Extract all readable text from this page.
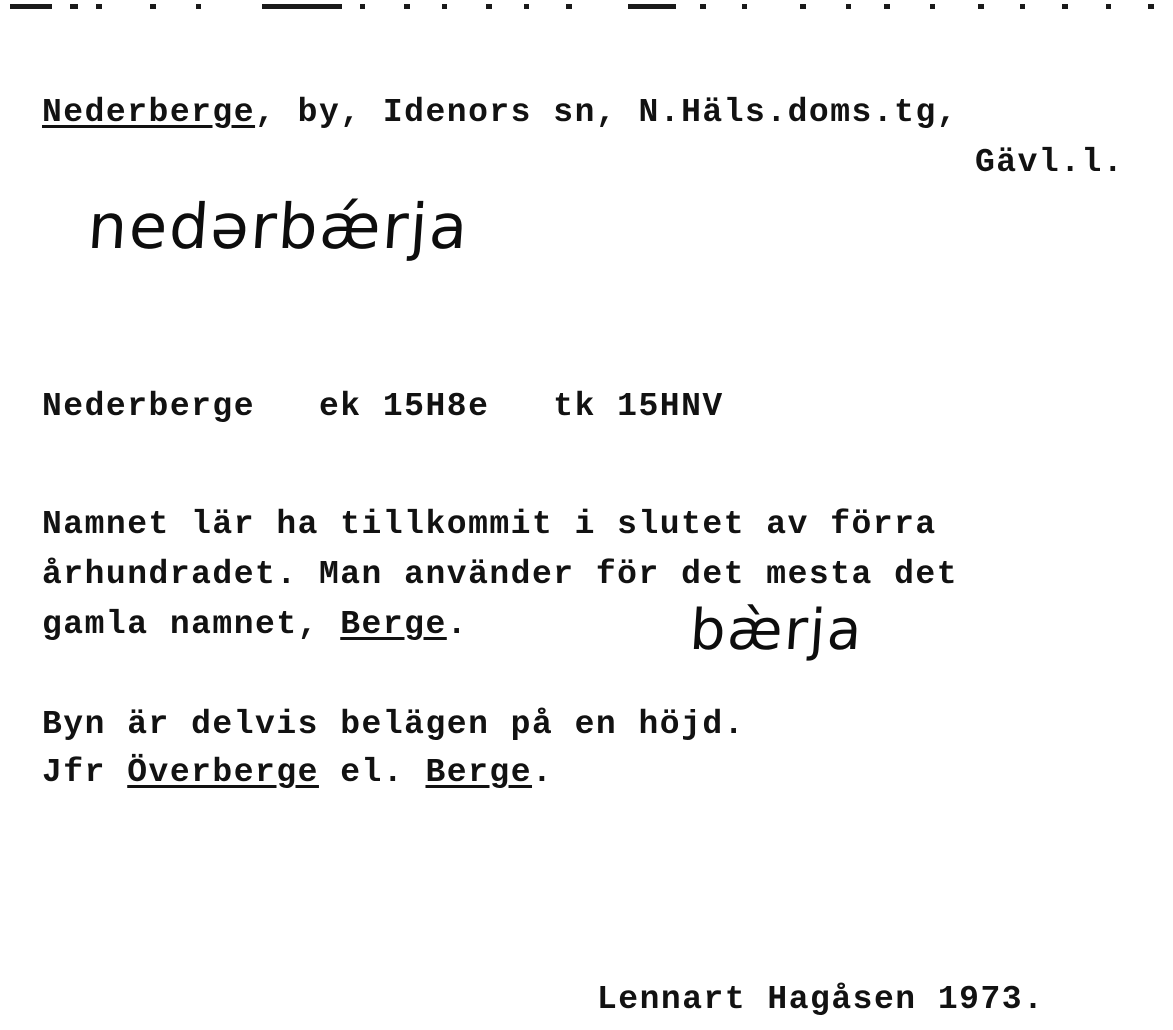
Nederberge, by, Idenors sn, N.Häls.doms.tg,
Gävl.l.
nedərbǽrja
Nederberge   ek 15H8e   tk 15HNV
Namnet lär ha tillkommit i slutet av förra
århundradet. Man använder för det mesta det
gamla namnet, Berge.	bæ̀rja
Byn är delvis belägen på en höjd.
Jfr Överberge el. Berge.
Lennart Hagåsen 1973.
